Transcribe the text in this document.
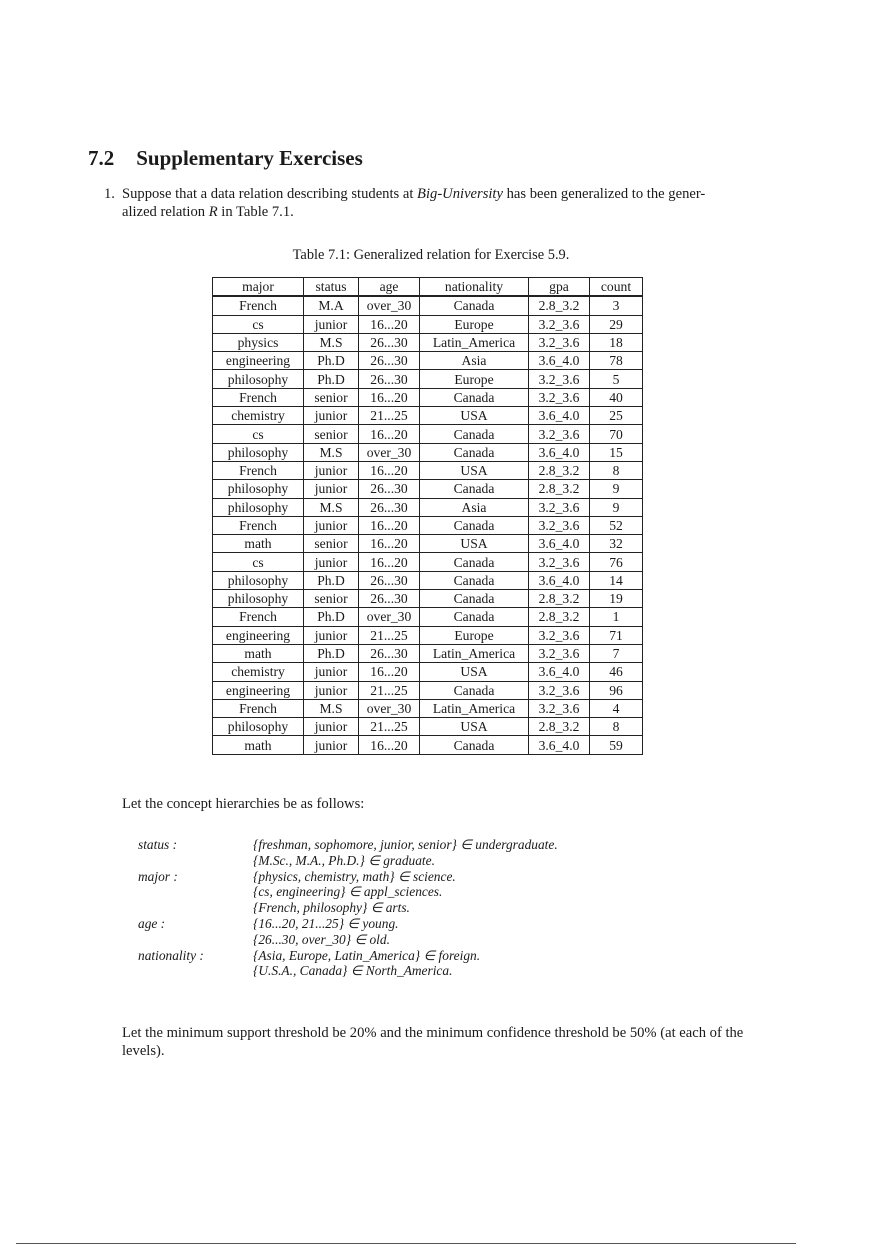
7.2 Supplementary Exercises
1. Suppose that a data relation describing students at Big-University has been generalized to the gener-
alized relation R in Table 7.1.

Table 7.1: Generalized relation for Exercise 5.9.

major	status	age	nationality	gpa	count
French	M.A	over_30	Canada	2.8_3.2	3
cs	junior	16...20	Europe	3.2_3.6	29
physics	M.S	26...30	Latin_America	3.2_3.6	18
engineering	Ph.D	26...30	Asia	3.6_4.0	78
philosophy	Ph.D	26...30	Europe	3.2_3.6	5
French	senior	16...20	Canada	3.2_3.6	40
chemistry	junior	21...25	USA	3.6_4.0	25
cs	senior	16...20	Canada	3.2_3.6	70
philosophy	M.S	over_30	Canada	3.6_4.0	15
French	junior	16...20	USA	2.8_3.2	8
philosophy	junior	26...30	Canada	2.8_3.2	9
philosophy	M.S	26...30	Asia	3.2_3.6	9
French	junior	16...20	Canada	3.2_3.6	52
math	senior	16...20	USA	3.6_4.0	32
cs	junior	16...20	Canada	3.2_3.6	76
philosophy	Ph.D	26...30	Canada	3.6_4.0	14
philosophy	senior	26...30	Canada	2.8_3.2	19
French	Ph.D	over_30	Canada	2.8_3.2	1
engineering	junior	21...25	Europe	3.2_3.6	71
math	Ph.D	26...30	Latin_America	3.2_3.6	7
chemistry	junior	16...20	USA	3.6_4.0	46
engineering	junior	21...25	Canada	3.2_3.6	96
French	M.S	over_30	Latin_America	3.2_3.6	4
philosophy	junior	21...25	USA	2.8_3.2	8
math	junior	16...20	Canada	3.6_4.0	59

Let the concept hierarchies be as follows:

status :	{freshman, sophomore, junior, senior} ∈ undergraduate.
{M.Sc., M.A., Ph.D.} ∈ graduate.
major :	{physics, chemistry, math} ∈ science.
{cs, engineering} ∈ appl_sciences.
{French, philosophy} ∈ arts.
age :	{16...20, 21...25} ∈ young.
{26...30, over_30} ∈ old.
nationality :	{Asia, Europe, Latin_America} ∈ foreign.
{U.S.A., Canada} ∈ North_America.

Let the minimum support threshold be 20% and the minimum confidence threshold be 50% (at each of the levels).
